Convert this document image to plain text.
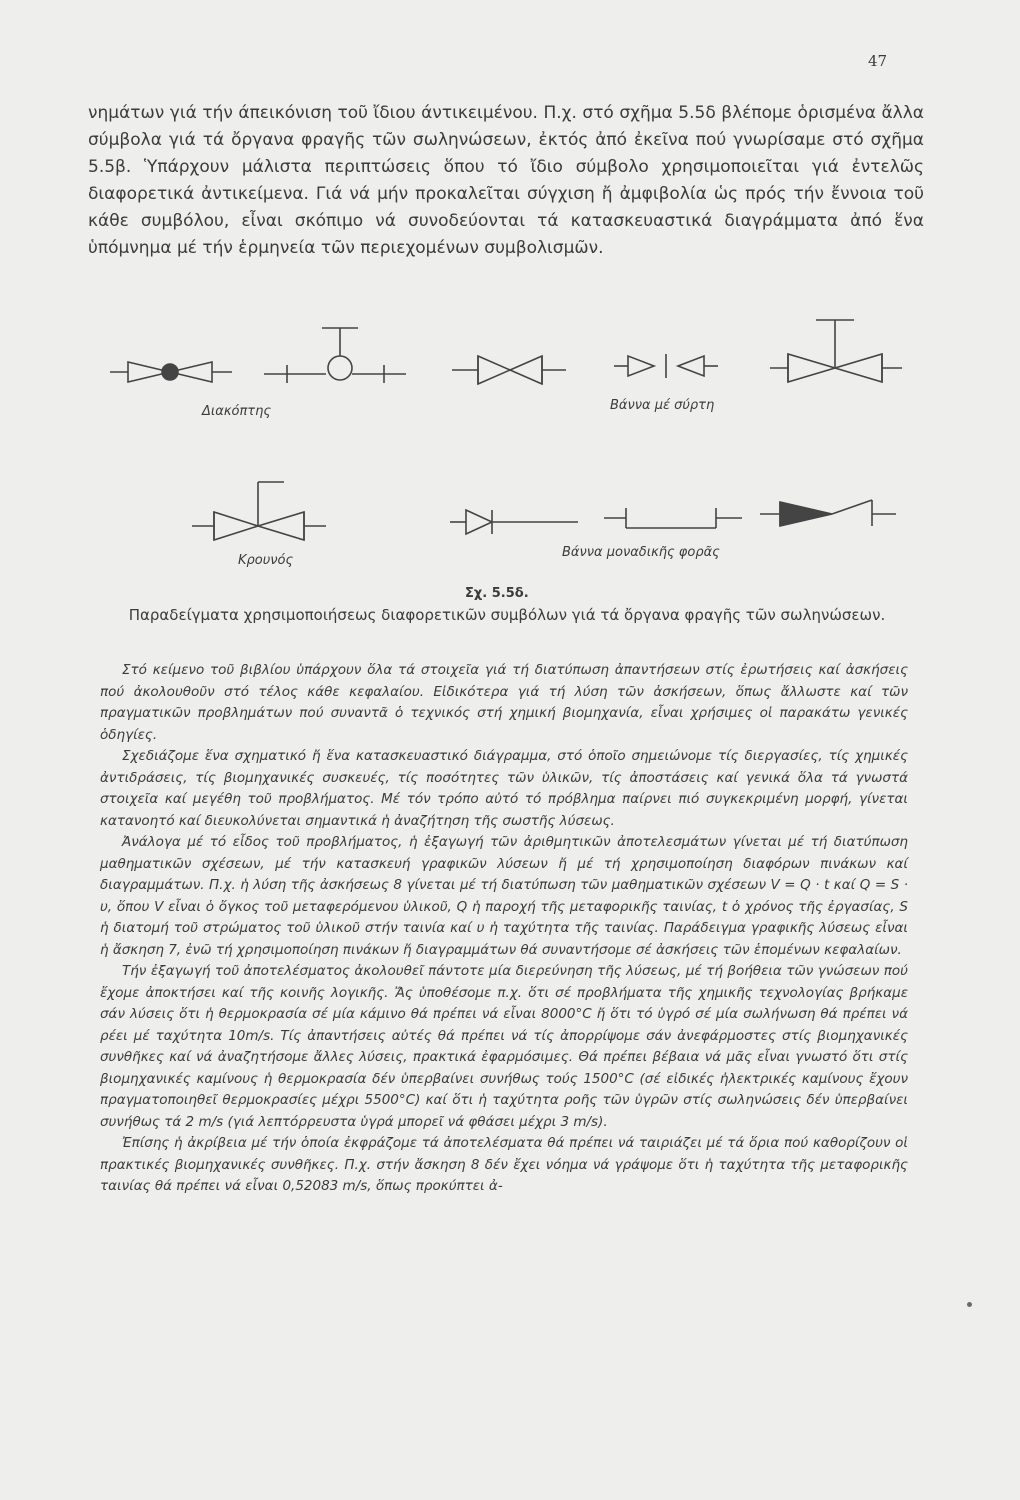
47
νημάτων γιά τήν άπεικόνιση τοῦ ἴδιου άντικειμένου. Π.χ. στό σχῆμα 5.5δ βλέπομε ὁρισμένα ἄλλα σύμβολα γιά τά ὄργανα φραγῆς τῶν σωληνώσεων, ἐκτός ἀπό ἐκεῖνα πού γνωρίσαμε στό σχῆμα 5.5β. Ὑπάρχουν μάλιστα περιπτώσεις ὅπου τό ἴδιο σύμβολο χρησιμοποιεῖται γιά ἐντελῶς διαφορετικά ἀντικείμενα. Γιά νά μήν προκαλεῖται σύγχιση ἤ ἀμφιβολία ὡς πρός τήν ἔννοια τοῦ κάθε συμβόλου, εἶναι σκόπιμο νά συνοδεύονται τά κατασκευαστικά διαγράμματα ἀπό ἕνα ὑπόμνημα μέ τήν ἑρμηνεία τῶν περιεχομένων συμβολισμῶν.
Διακόπτης	Βάννα μέ σύρτη
Κρουνός
Βάννα μοναδικῆς φορᾶς
Σχ. 5.5δ.
Παραδείγματα χρησιμοποιήσεως διαφορετικῶν συμβόλων γιά τά ὄργανα φραγῆς τῶν σωληνώσεων.

Στό κείμενο τοῦ βιβλίου ὑπάρχουν ὅλα τά στοιχεῖα γιά τή διατύπωση ἀπαντήσεων στίς ἐρωτήσεις καί ἀσκήσεις πού ἀκολουθοῦν στό τέλος κάθε κεφαλαίου. Εἰδικότερα γιά τή λύση τῶν ἀσκήσεων, ὅπως ἄλλωστε καί τῶν πραγματικῶν προβλημάτων πού συναντᾶ ὁ τεχνικός στή χημική βιομηχανία, εἶναι χρήσιμες οἱ παρακάτω γενικές ὁδηγίες.

Σχεδιάζομε ἕνα σχηματικό ἤ ἕνα κατασκευαστικό διάγραμμα, στό ὁποῖο σημειώνομε τίς διεργασίες, τίς χημικές ἀντιδράσεις, τίς βιομηχανικές συσκευές, τίς ποσότητες τῶν ὑλικῶν, τίς ἀποστάσεις καί γενικά ὅλα τά γνωστά στοιχεῖα καί μεγέθη τοῦ προβλήματος. Μέ τόν τρόπο αὐτό τό πρόβλημα παίρνει πιό συγκεκριμένη μορφή, γίνεται κατανοητό καί διευκολύνεται σημαντικά ἡ ἀναζήτηση τῆς σωστῆς λύσεως.

Ἀνάλογα μέ τό εἶδος τοῦ προβλήματος, ἡ ἐξαγωγή τῶν ἀριθμητικῶν ἀποτελεσμάτων γίνεται μέ τή διατύπωση μαθηματικῶν σχέσεων, μέ τήν κατασκευή γραφικῶν λύσεων ἤ μέ τή χρησιμοποίηση διαφόρων πινάκων καί διαγραμμάτων. Π.χ. ἡ λύση τῆς ἀσκήσεως 8 γίνεται μέ τή διατύπωση τῶν μαθηματικῶν σχέσεων V = Q · t καί Q = S · υ, ὅπου V εἶναι ὁ ὄγκος τοῦ μεταφερόμενου ὑλικοῦ, Q ἡ παροχή τῆς μεταφορικῆς ταινίας, t ὁ χρόνος τῆς ἐργασίας, S ἡ διατομή τοῦ στρώματος τοῦ ὑλικοῦ στήν ταινία καί υ ἡ ταχύτητα τῆς ταινίας. Παράδειγμα γραφικῆς λύσεως εἶναι ἡ ἄσκηση 7, ἐνῶ τή χρησιμοποίηση πινάκων ἤ διαγραμμάτων θά συναντήσομε σέ ἀσκήσεις τῶν ἑπομένων κεφαλαίων.

Τήν ἐξαγωγή τοῦ ἀποτελέσματος ἀκολουθεῖ πάντοτε μία διερεύνηση τῆς λύσεως, μέ τή βοήθεια τῶν γνώσεων πού ἔχομε ἀποκτήσει καί τῆς κοινῆς λογικῆς. Ἄς ὑποθέσομε π.χ. ὅτι σέ προβλήματα τῆς χημικῆς τεχνολογίας βρήκαμε σάν λύσεις ὅτι ἡ θερμοκρασία σέ μία κάμινο θά πρέπει νά εἶναι 8000°C ἤ ὅτι τό ὑγρό σέ μία σωλήνωση θά πρέπει νά ρέει μέ ταχύτητα 10m/s. Τίς ἀπαντήσεις αὐτές θά πρέπει νά τίς ἀπορρίψομε σάν ἀνεφάρμοστες στίς βιομηχανικές συνθῆκες καί νά ἀναζητήσομε ἄλλες λύσεις, πρακτικά ἐφαρμόσιμες. Θά πρέπει βέβαια νά μᾶς εἶναι γνωστό ὅτι στίς βιομηχανικές καμίνους ἡ θερμοκρασία δέν ὑπερβαίνει συνήθως τούς 1500°C (σέ εἰδικές ἠλεκτρικές καμίνους ἔχουν πραγματοποιηθεῖ θερμοκρασίες μέχρι 5500°C) καί ὅτι ἡ ταχύτητα ροῆς τῶν ὑγρῶν στίς σωληνώσεις δέν ὑπερβαίνει συνήθως τά 2 m/s (γιά λεπτόρρευστα ὑγρά μπορεῖ νά φθάσει μέχρι 3 m/s).

Ἐπίσης ἡ ἀκρίβεια μέ τήν ὁποία ἐκφράζομε τά ἀποτελέσματα θά πρέπει νά ταιριάζει μέ τά ὅρια πού καθορίζουν οἱ πρακτικές βιομηχανικές συνθῆκες. Π.χ. στήν ἄσκηση 8 δέν ἔχει νόημα νά γράψομε ὅτι ἡ ταχύτητα τῆς μεταφορικῆς ταινίας θά πρέπει νά εἶναι 0,52083 m/s, ὅπως προκύπτει ἀ-
